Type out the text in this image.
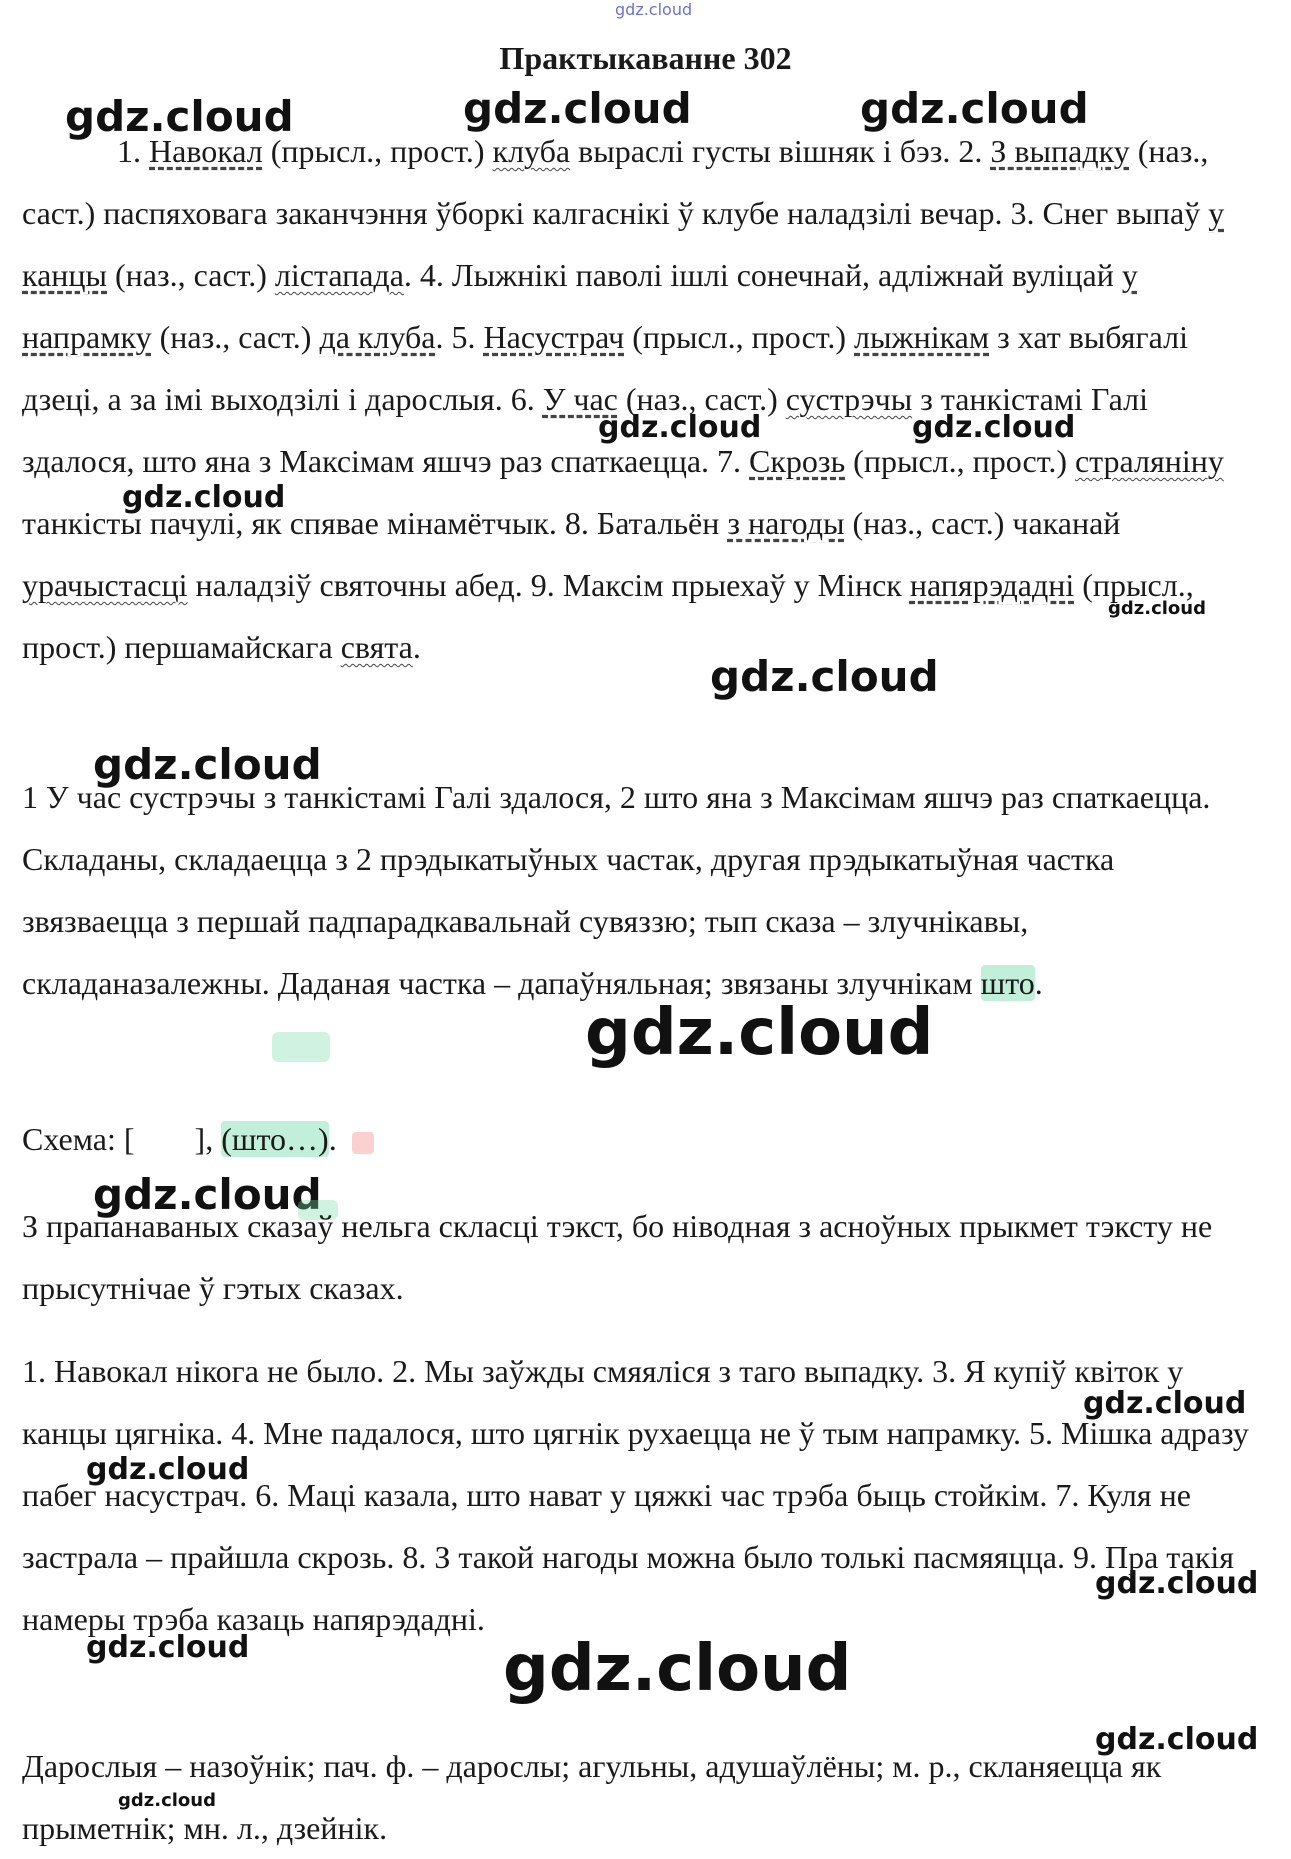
gdz.cloud
gdz.cloud	gdz.cloud	gdz.cloud
gdz.cloud	gdz.cloud
gdz.cloud
gdz.cloud
gdz.cloud
gdz.cloud
gdz.cloud
gdz.cloud
gdz.cloud
gdz.cloud
gdz.cloud
gdz.cloud	gdz.cloud
gdz.cloud
gdz.cloud
Практыкаванне 302
1. Навокал (прысл., прост.) клуба выраслі густы вішняк і бэз. 2. З выпадку (наз., саст.) паспяховага заканчэння ўборкі калгаснікі ў клубе наладзілі вечар. 3. Снег выпаў у канцы (наз., саст.) лістапада. 4. Лыжнікі паволі ішлі сонечнай, адліжнай вуліцай у напрамку (наз., саст.) да клуба. 5. Насустрач (прысл., прост.) лыжнікам з хат выбягалі дзеці, а за імі выходзілі і дарослыя. 6. У час (наз., саст.) сустрэчы з танкістамі Галі здалося, што яна з Максімам яшчэ раз спаткаецца. 7. Скрозь (прысл., прост.) страляніну танкісты пачулі, як спявае мінамётчык. 8. Батальён з нагоды (наз., саст.) чаканай урачыстасці наладзіў святочны абед. 9. Максім прыехаў у Мінск напярэдадні (прысл., прост.) першамайскага свята.
1 У час сустрэчы з танкістамі Галі здалося, 2 што яна з Максімам яшчэ раз спаткаецца. Складаны, складаецца з 2 прэдыкатыўных частак, другая прэдыкатыўная частка звязваецца з першай падпарадкавальнай сувяззю; тып сказа – злучнікавы, складаназалежны. Даданая частка – дапаўняльная; звязаны злучнікам што.
Схема: [ ], (што…).
З прапанаваных сказаў нельга скласці тэкст, бо ніводная з асноўных прыкмет тэксту не прысутнічае ў гэтых сказах.
1. Навокал нікога не было. 2. Мы заўжды смяяліся з таго выпадку. 3. Я купіў квіток у канцы цягніка. 4. Мне падалося, што цягнік рухаецца не ў тым напрамку. 5. Мішка адразу пабег насустрач. 6. Маці казала, што нават у цяжкі час трэба быць стойкім. 7. Куля не застрала – прайшла скрозь. 8. З такой нагоды можна было толькі пасмяяцца. 9. Пра такія намеры трэба казаць напярэдадні.
Дарослыя – назоўнік; пач. ф. – дарослы; агульны, адушаўлёны; м. р., скланяецца як прыметнік; мн. л., дзейнік.
